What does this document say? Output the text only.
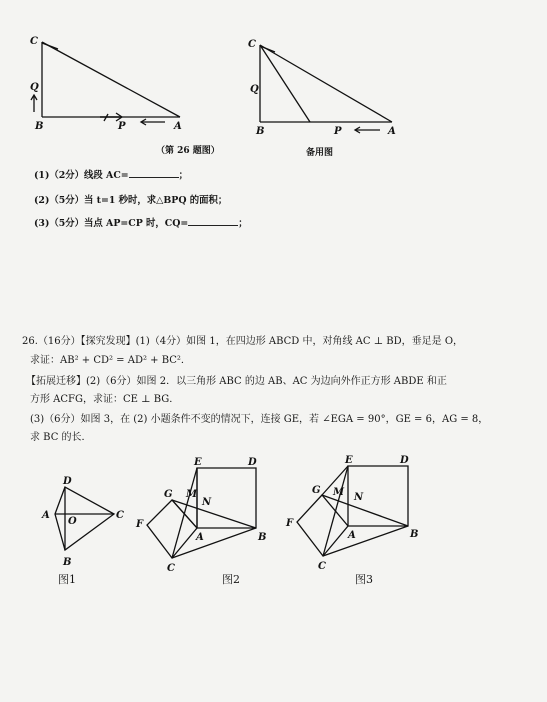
C
Q
B	P	A
C
Q
B	P	A
（第 26 题图）	备用图
(1)（2分）线段 AC=	；
(2)（5分）当 t=1 秒时，求△BPQ 的面积；
(3)（5分）当点 AP=CP 时，CQ=	；
26.（16分）【探究发现】(1)（4分）如图 1，在四边形 ABCD 中，对角线 AC ⊥ BD，垂足是 O，
求证：AB² + CD² = AD² + BC²．
【拓展迁移】(2)（6分）如图 2．以三角形 ABC 的边 AB、AC 为边向外作正方形 ABDE 和正
方形 ACFG，求证：CE ⊥ BG．
(3)（6分）如图 3，在 (2) 小题条件不变的情况下，连接 GE，若 ∠EGA = 90°，GE = 6，AG = 8，
求 BC 的长．
D
A
O
C
B
E	D
G M
N
F
A	B
C
E	D
G M N
F
A	B
C
图1	图2	图3
